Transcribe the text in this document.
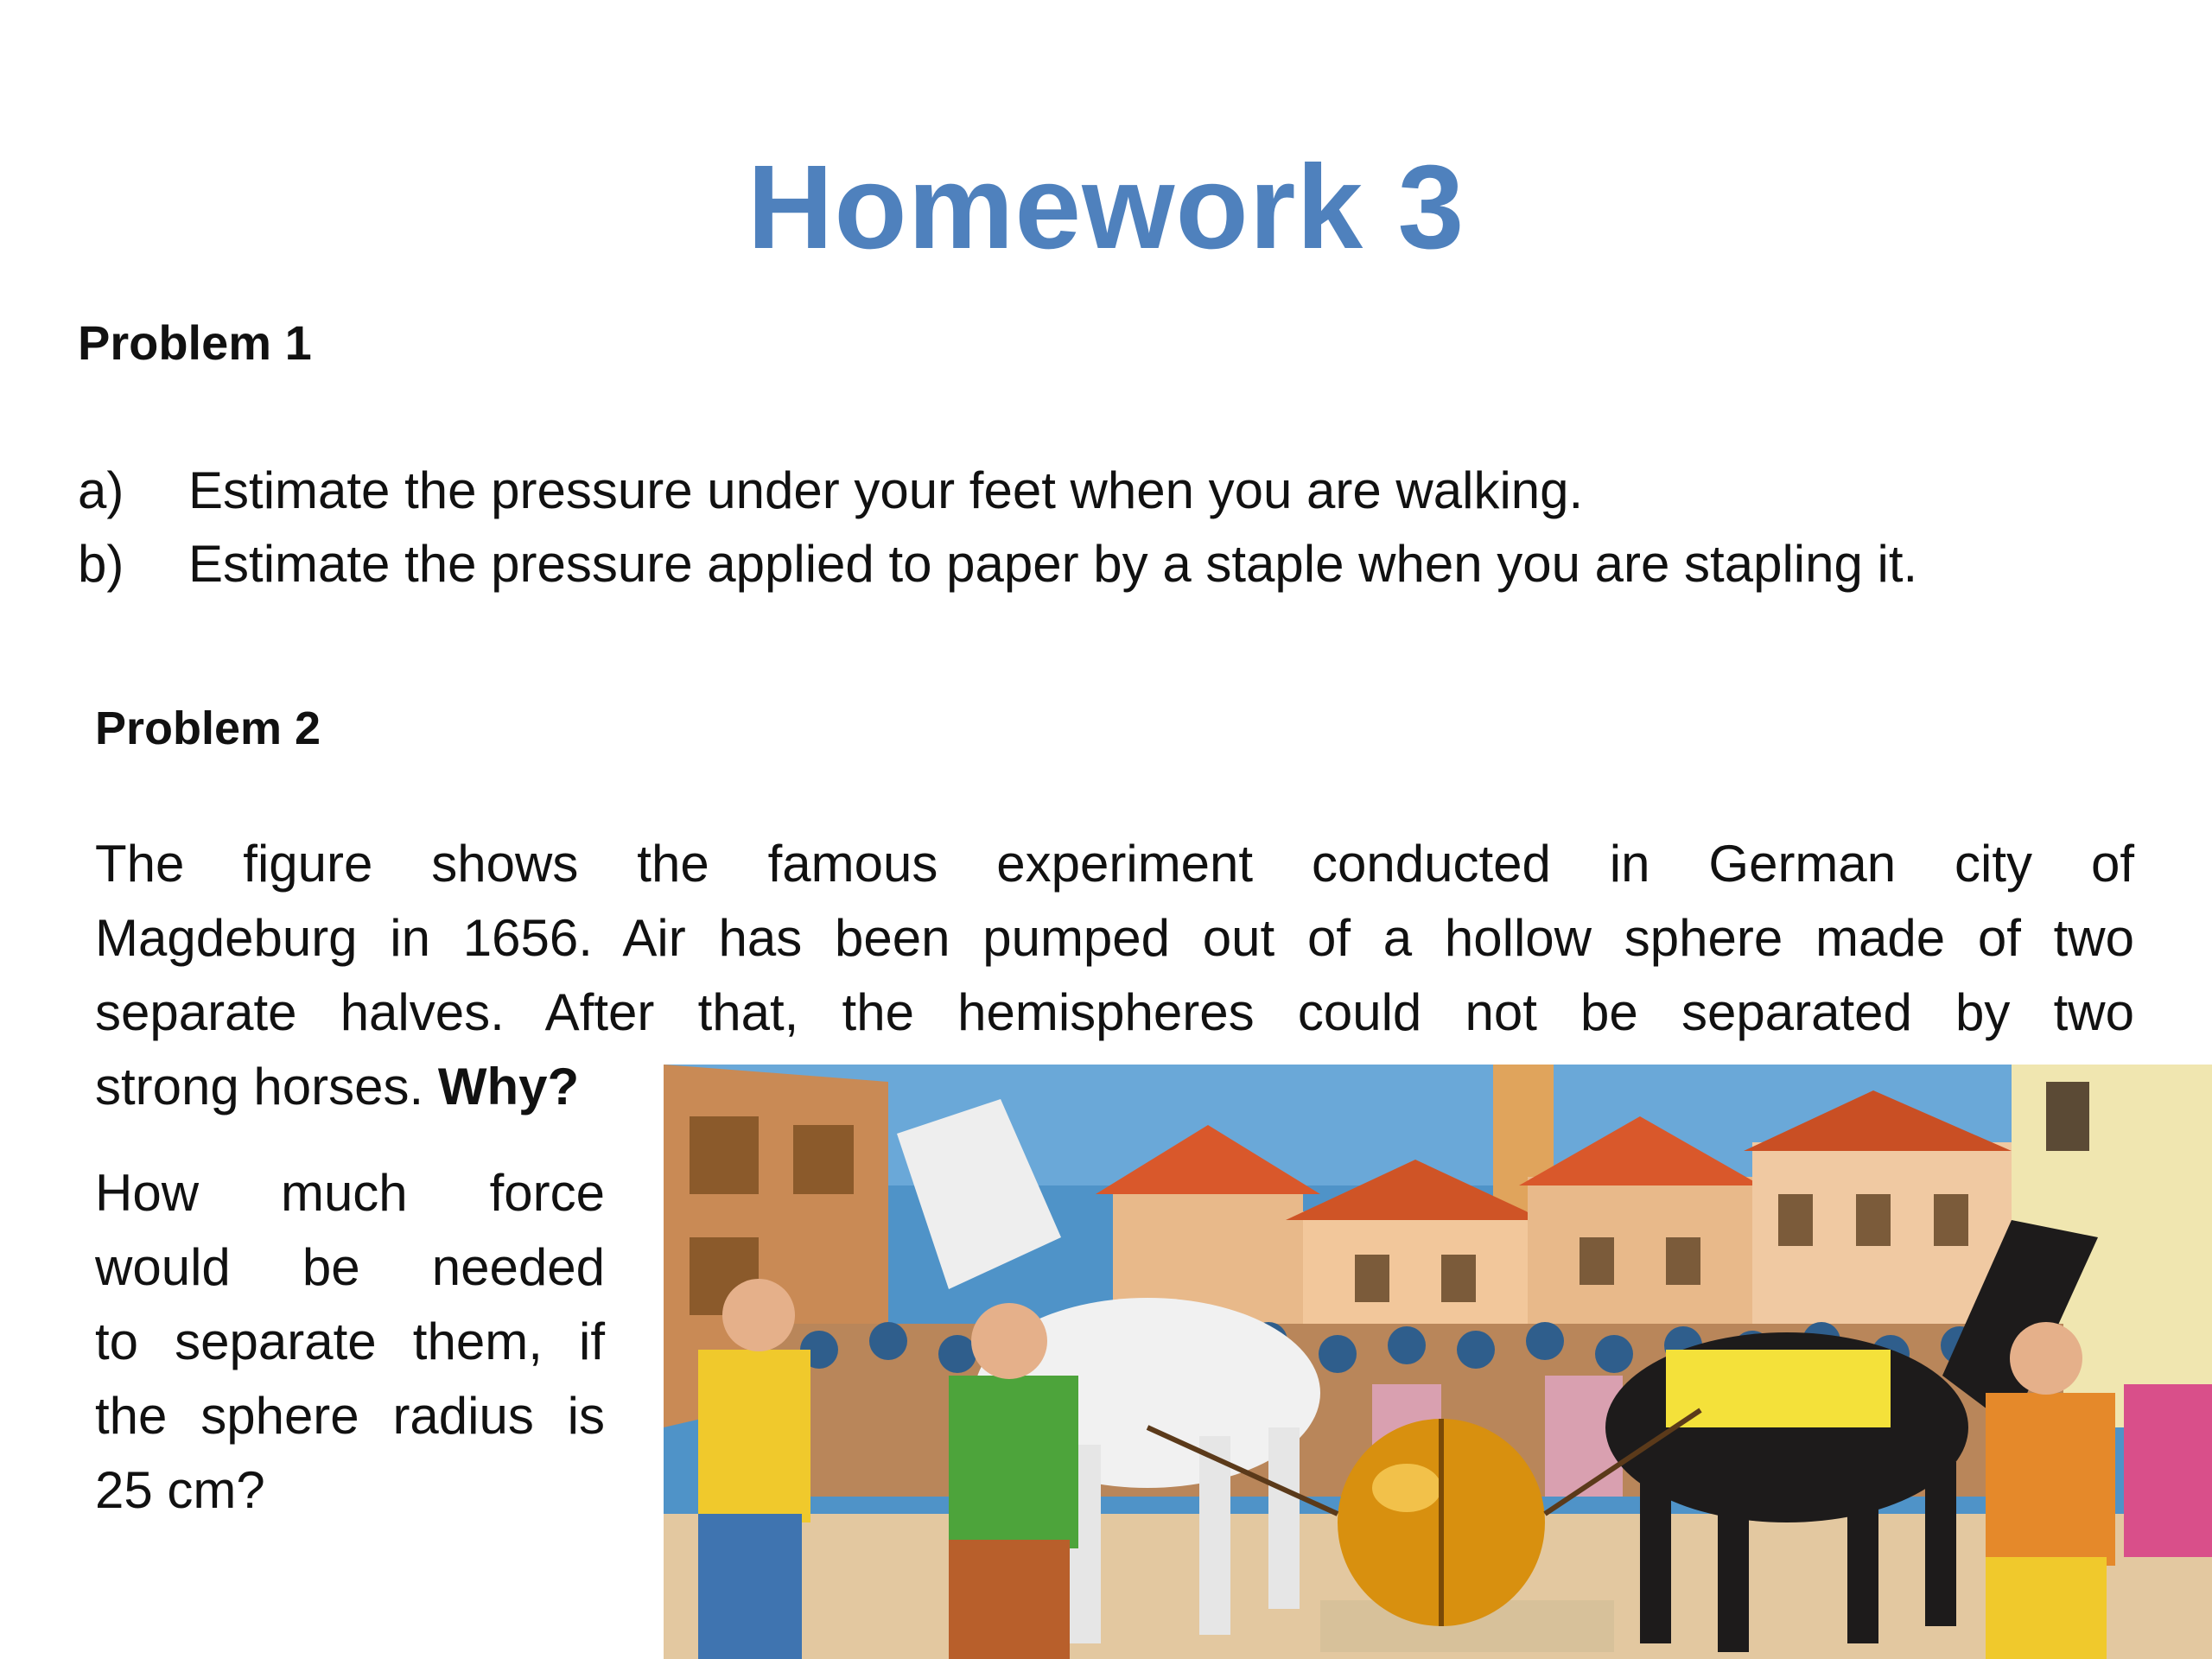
Homework 3
Problem 1
a) Estimate the pressure under your feet when you are walking.
b) Estimate the pressure applied to paper by a staple when you are stapling it.
Problem 2
The figure shows the famous experiment conducted in German city of
Magdeburg in 1656. Air has been pumped out of a hollow sphere made of two
separate halves. After that, the hemispheres could not be separated by two
strong horses. Why?
How much force
would be needed
to separate them, if
the sphere radius is
25 cm?
